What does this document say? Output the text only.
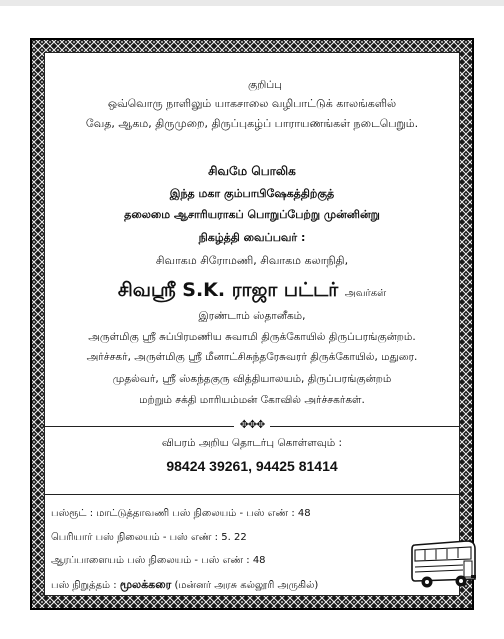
குறிப்பு
ஒவ்வொரு நாளிலும் யாகசாலை வழிபாட்டுக் காலங்களில்
வேத, ஆகம, திருமுறை, திருப்புகழ்ப் பாராயணங்கள் நடைபெறும்.
சிவமே பொலிக
இந்த மகா கும்பாபிஷேகத்திற்குத்
தலைமை ஆசாரியராகப் பொறுப்பேற்று முன்னின்று
நிகழ்த்தி வைப்பவர் :
சிவாகம சிரோமணி, சிவாகம கலாநிதி,
சிவஸ்ரீ S.K. ராஜா பட்டர் அவர்கள்
இரண்டாம் ஸ்தானீகம்,
அருள்மிகு ஸ்ரீ சுப்பிரமணிய சுவாமி திருக்கோயில் திருப்பரங்குன்றம்.
அர்ச்சகர், அருள்மிகு ஸ்ரீ மீனாட்சிசுந்தரேசுவரர் திருக்கோயில், மதுரை.
முதல்வர், ஸ்ரீ ஸ்கந்தகுரு வித்தியாலயம், திருப்பரங்குன்றம்
மற்றும் சக்தி மாரியம்மன் கோவில் அர்ச்சகர்கள்.
✥✥✥
விபரம் அறிய தொடர்பு கொள்ளவும் :
98424 39261, 94425 81414
பஸ்ரூட் : மாட்டுத்தாவணி பஸ் நிலையம் - பஸ் எண் : 48
பெரியார் பஸ் நிலையம் - பஸ் எண் : 5. 22
ஆரப்பாளையம் பஸ் நிலையம் - பஸ் எண் : 48
பஸ் நிறுத்தம் : மூலக்கரை (மன்னர் அரசு கல்லூரி அருகில்)
